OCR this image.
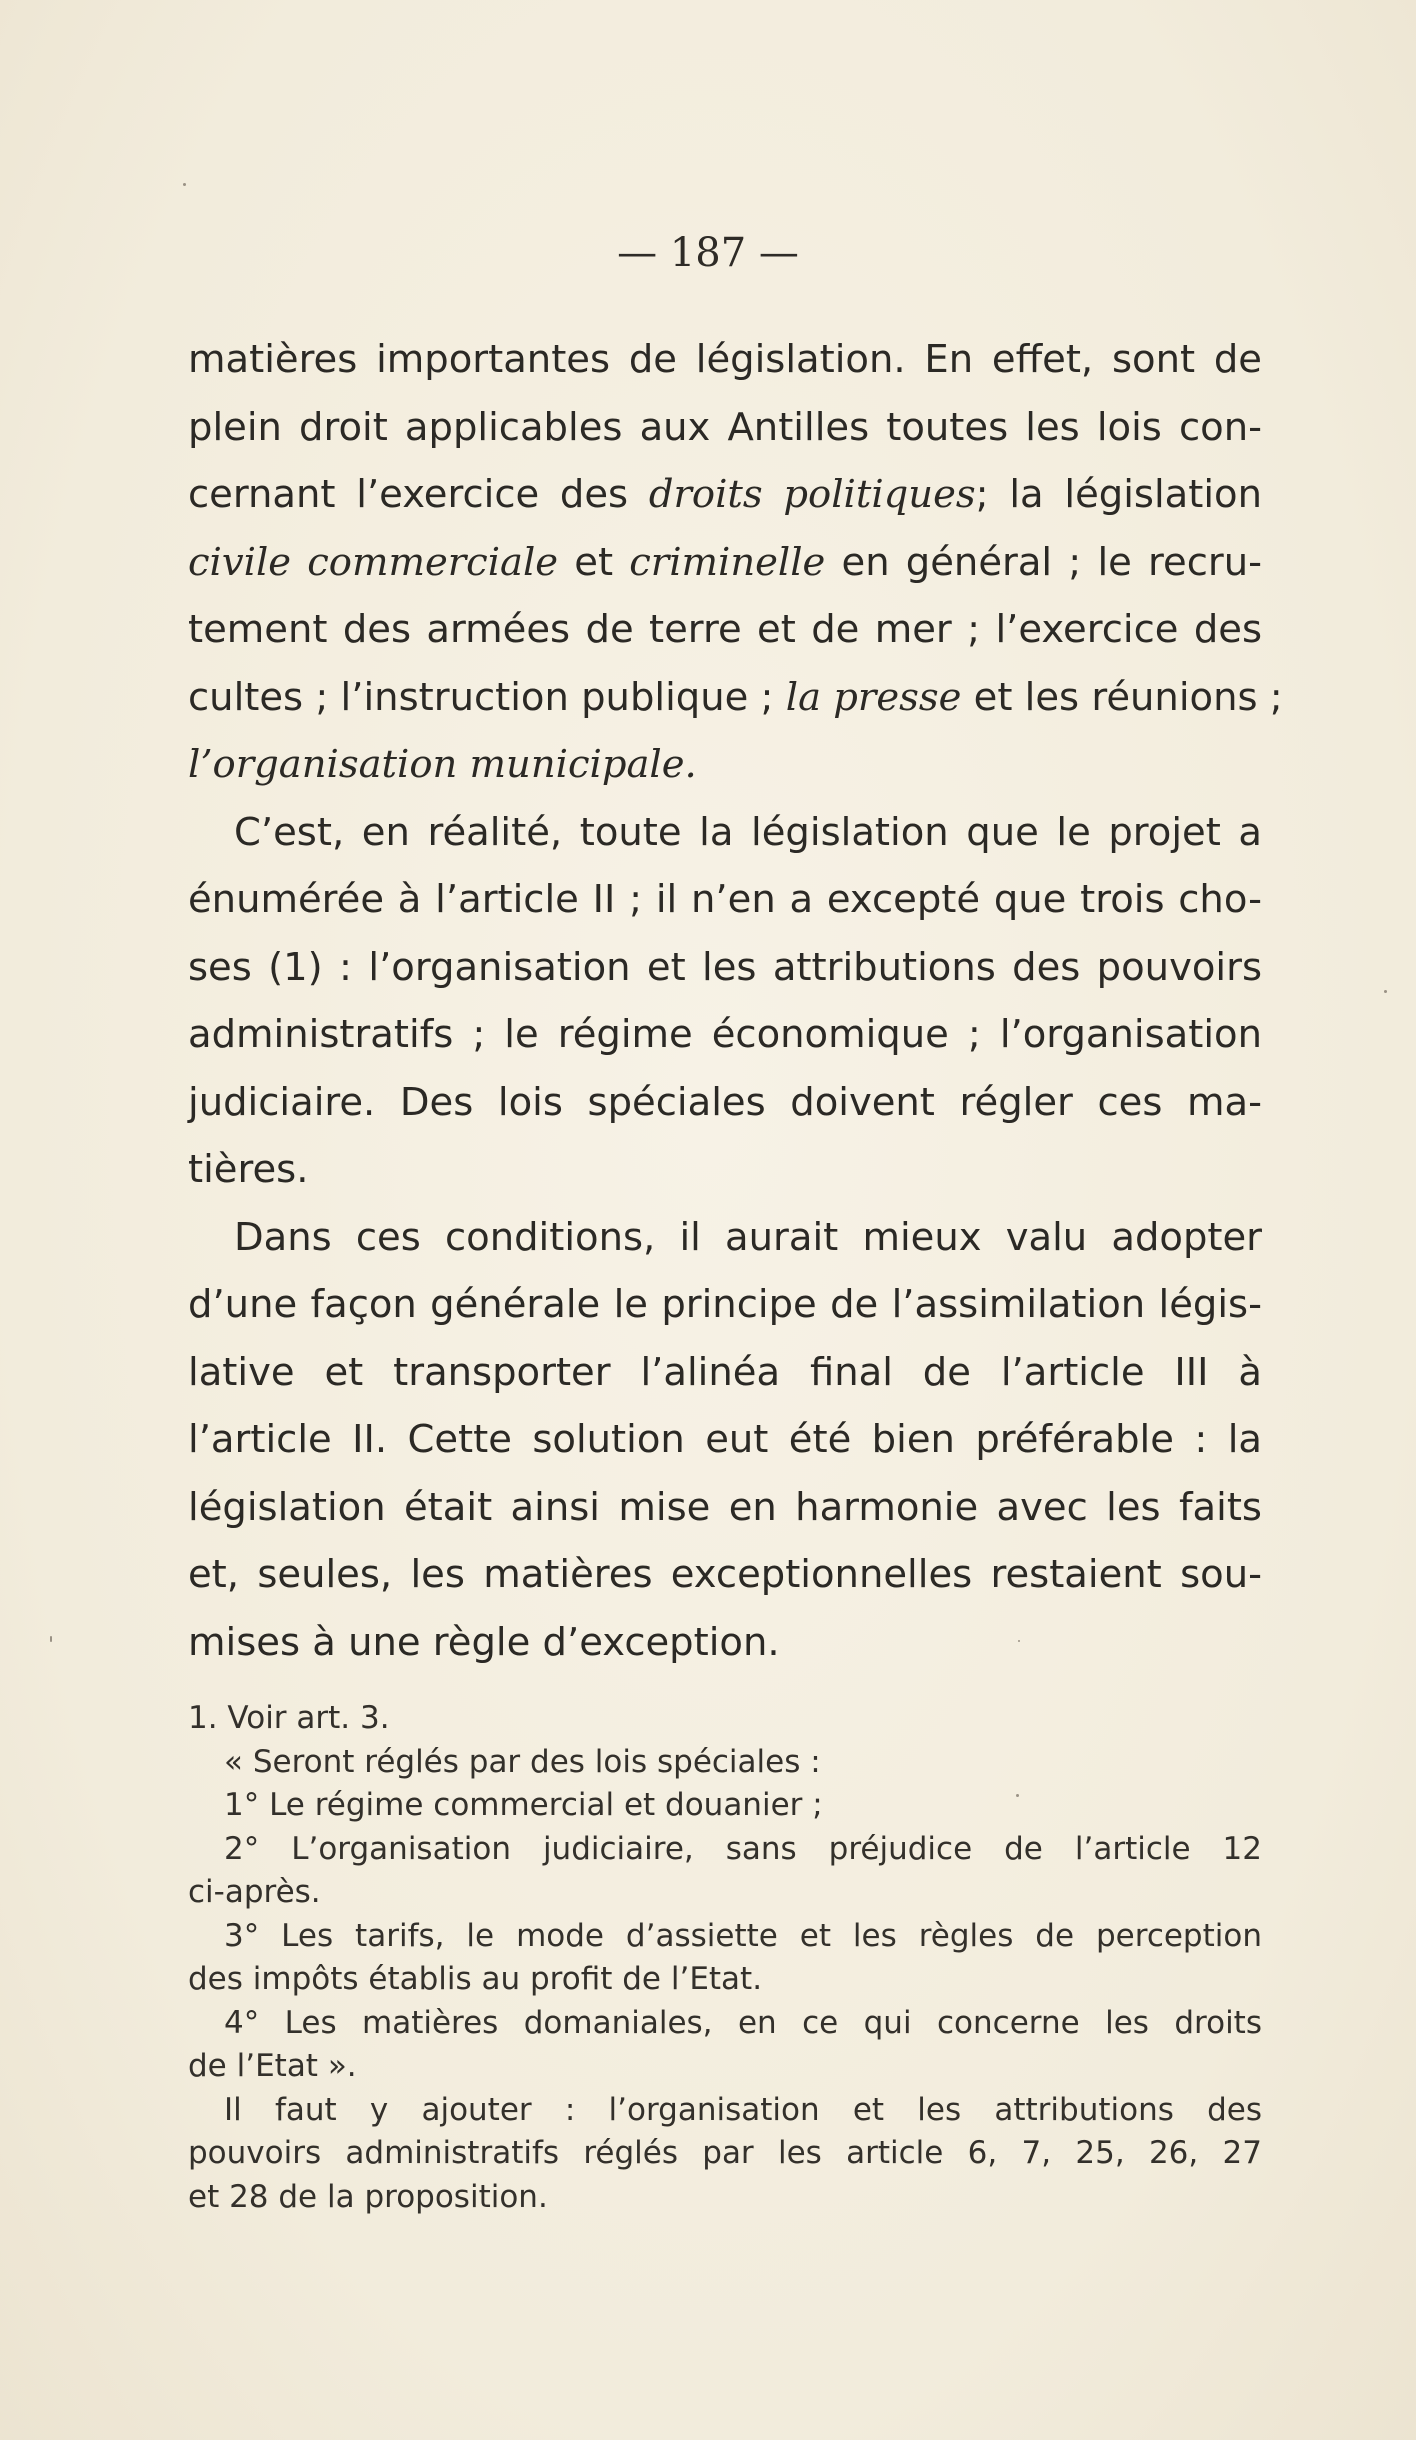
— 187 —
matières importantes de législation. En effet, sont de
plein droit applicables aux Antilles toutes les lois con-
cernant l’exercice des droits politiques; la législation
civile commerciale et criminelle en général ; le recru-
tement des armées de terre et de mer ; l’exercice des
cultes ; l’instruction publique ; la presse et les réunions ;
l’organisation municipale.
C’est, en réalité, toute la législation que le projet a
énumérée à l’article II ; il n’en a excepté que trois cho-
ses (1) : l’organisation et les attributions des pouvoirs
administratifs ; le régime économique ; l’organisation
judiciaire. Des lois spéciales doivent régler ces ma-
tières.
Dans ces conditions, il aurait mieux valu adopter
d’une façon générale le principe de l’assimilation légis-
lative et transporter l’alinéa final de l’article III à
l’article II. Cette solution eut été bien préférable : la
législation était ainsi mise en harmonie avec les faits
et, seules, les matières exceptionnelles restaient sou-
mises à une règle d’exception.
1. Voir art. 3.
« Seront réglés par des lois spéciales :
1° Le régime commercial et douanier ;
2° L’organisation judiciaire, sans préjudice de l’article 12
ci-après.
3° Les tarifs, le mode d’assiette et les règles de perception
des impôts établis au profit de l’Etat.
4° Les matières domaniales, en ce qui concerne les droits
de l’Etat ».
Il faut y ajouter : l’organisation et les attributions des
pouvoirs administratifs réglés par les article 6, 7, 25, 26, 27
et 28 de la proposition.
